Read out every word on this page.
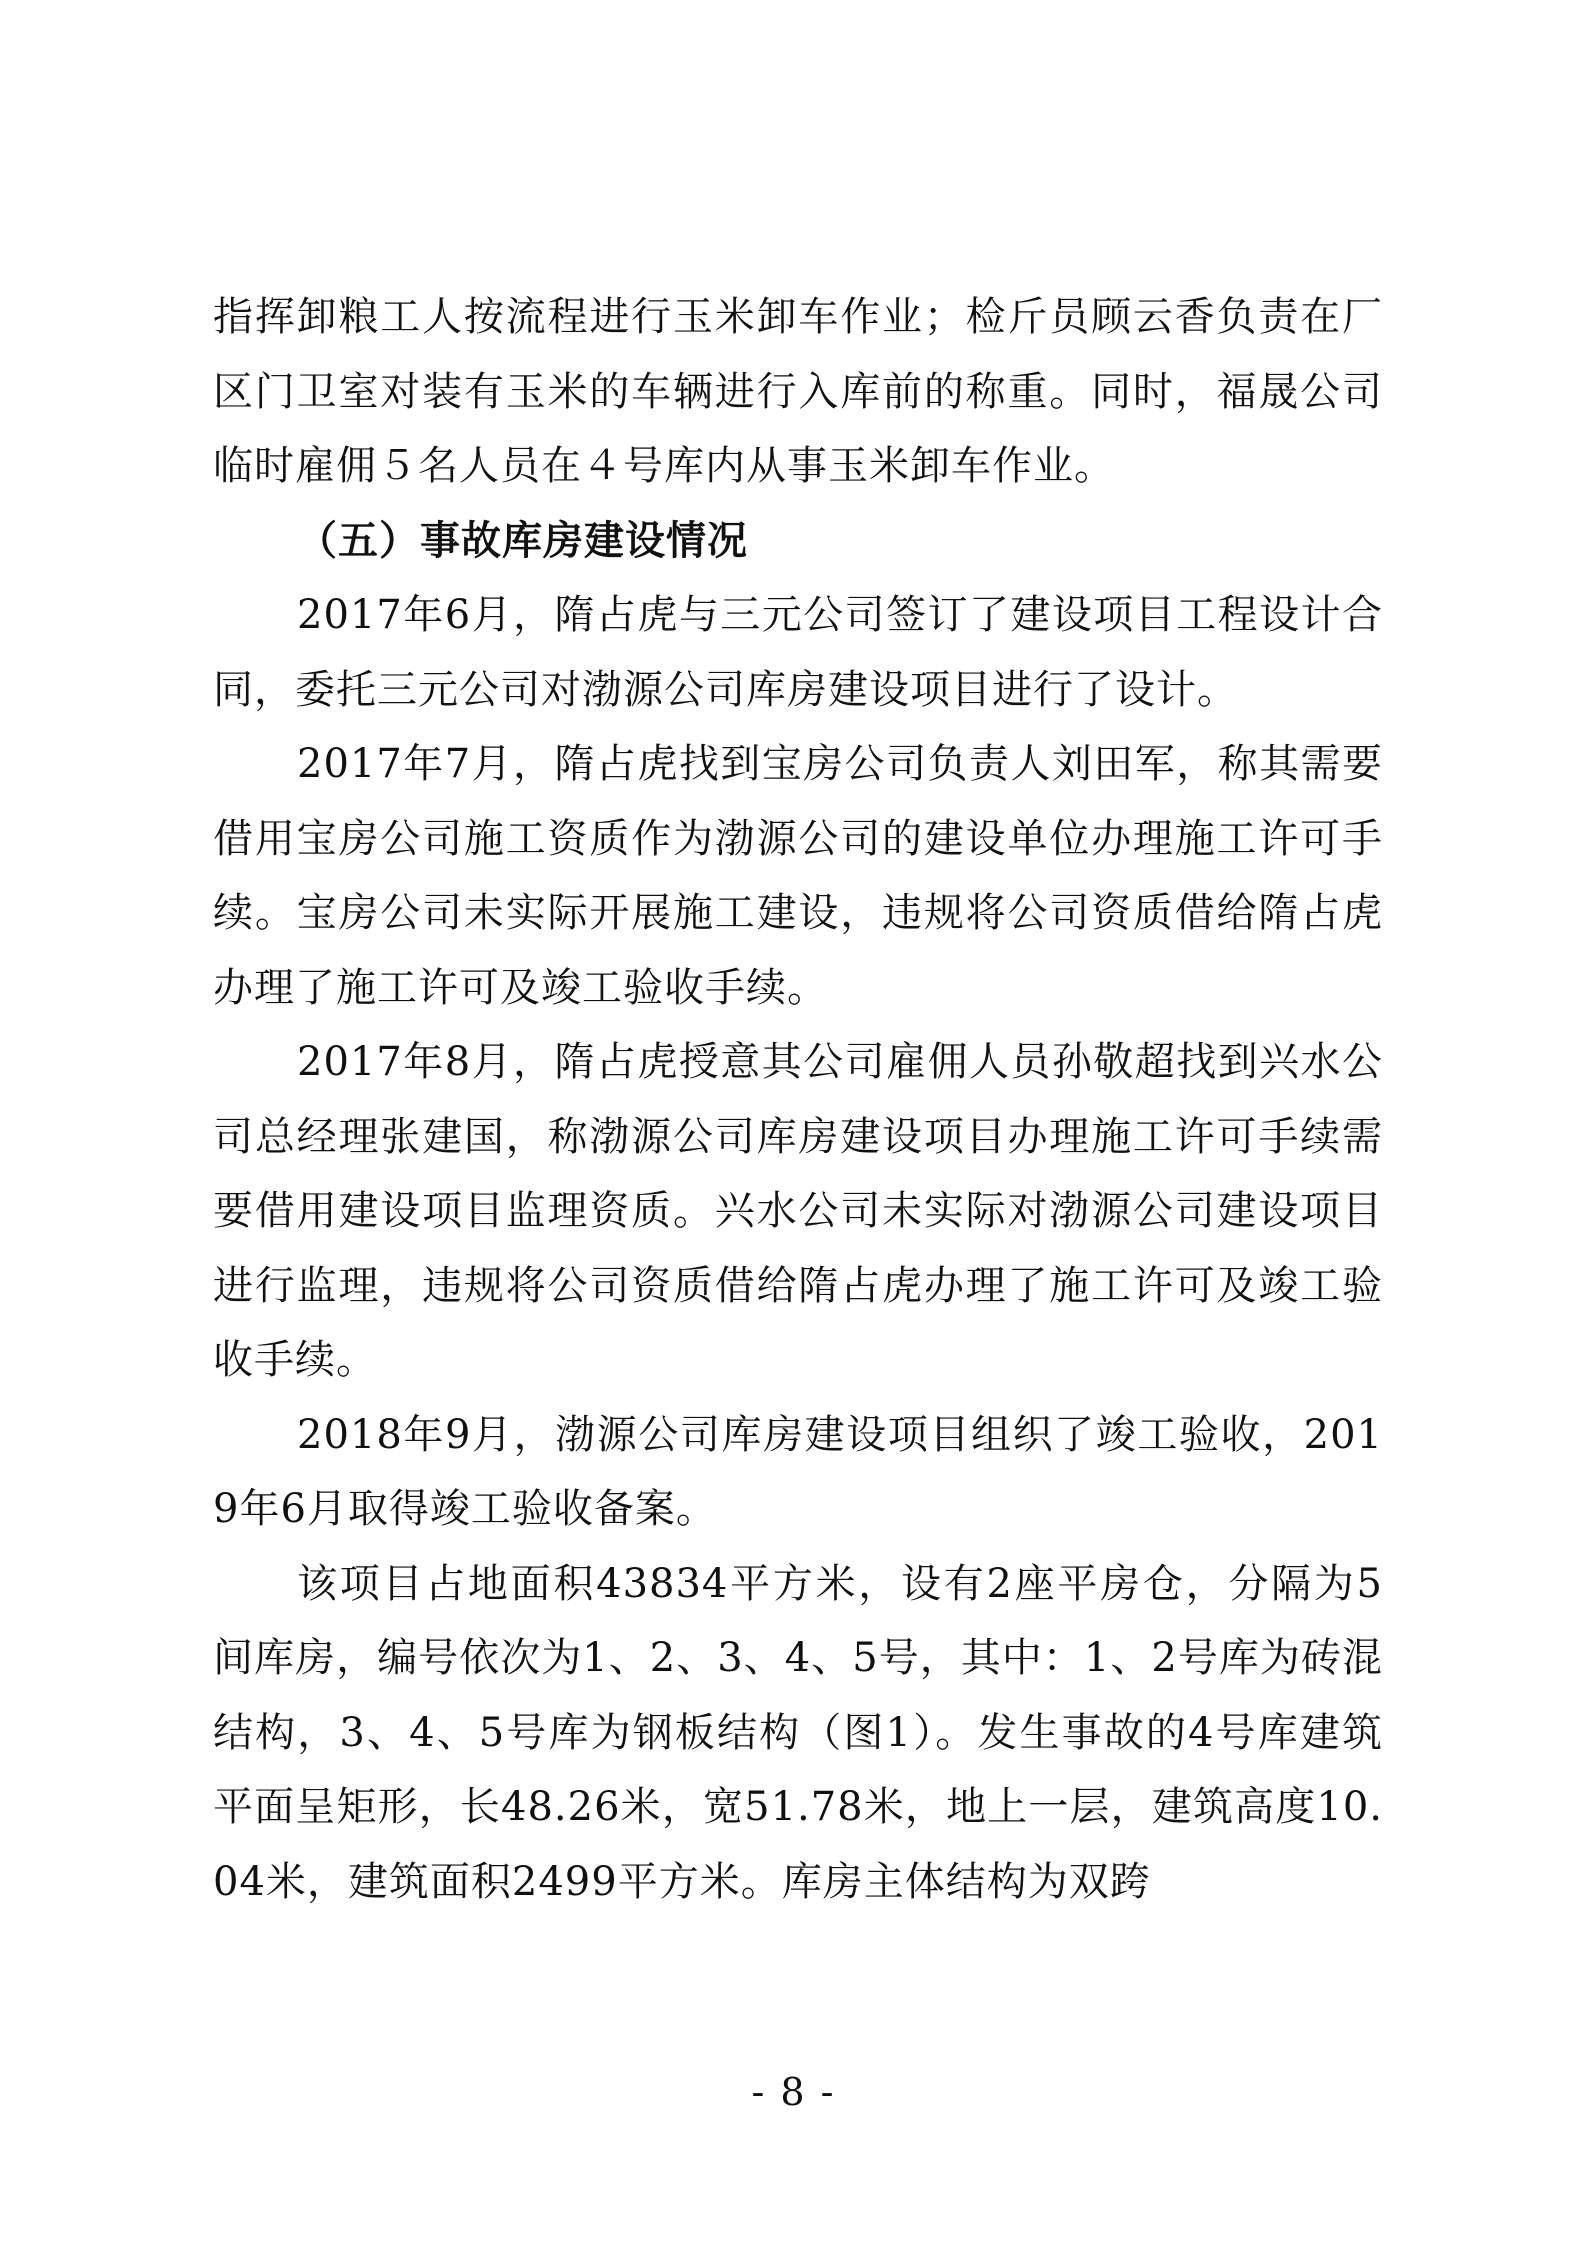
指挥卸粮工人按流程进行玉米卸车作业；检斤员顾云香负责在厂区门卫室对装有玉米的车辆进行入库前的称重。同时，福晟公司临时雇佣５名人员在４号库内从事玉米卸车作业。

（五）事故库房建设情况

2017年6月，隋占虎与三元公司签订了建设项目工程设计合同，委托三元公司对渤源公司库房建设项目进行了设计。

2017年7月，隋占虎找到宝房公司负责人刘田军，称其需要借用宝房公司施工资质作为渤源公司的建设单位办理施工许可手续。宝房公司未实际开展施工建设，违规将公司资质借给隋占虎办理了施工许可及竣工验收手续。

2017年8月，隋占虎授意其公司雇佣人员孙敬超找到兴水公司总经理张建国，称渤源公司库房建设项目办理施工许可手续需要借用建设项目监理资质。兴水公司未实际对渤源公司建设项目进行监理，违规将公司资质借给隋占虎办理了施工许可及竣工验收手续。

2018年9月，渤源公司库房建设项目组织了竣工验收，2019年6月取得竣工验收备案。

该项目占地面积43834平方米，设有2座平房仓，分隔为5间库房，编号依次为1、2、3、4、5号，其中：1、2号库为砖混结构，3、4、5号库为钢板结构（图1）。发生事故的4号库建筑平面呈矩形，长48.26米，宽51.78米，地上一层，建筑高度10.04米，建筑面积2499平方米。库房主体结构为双跨

- 8 -
